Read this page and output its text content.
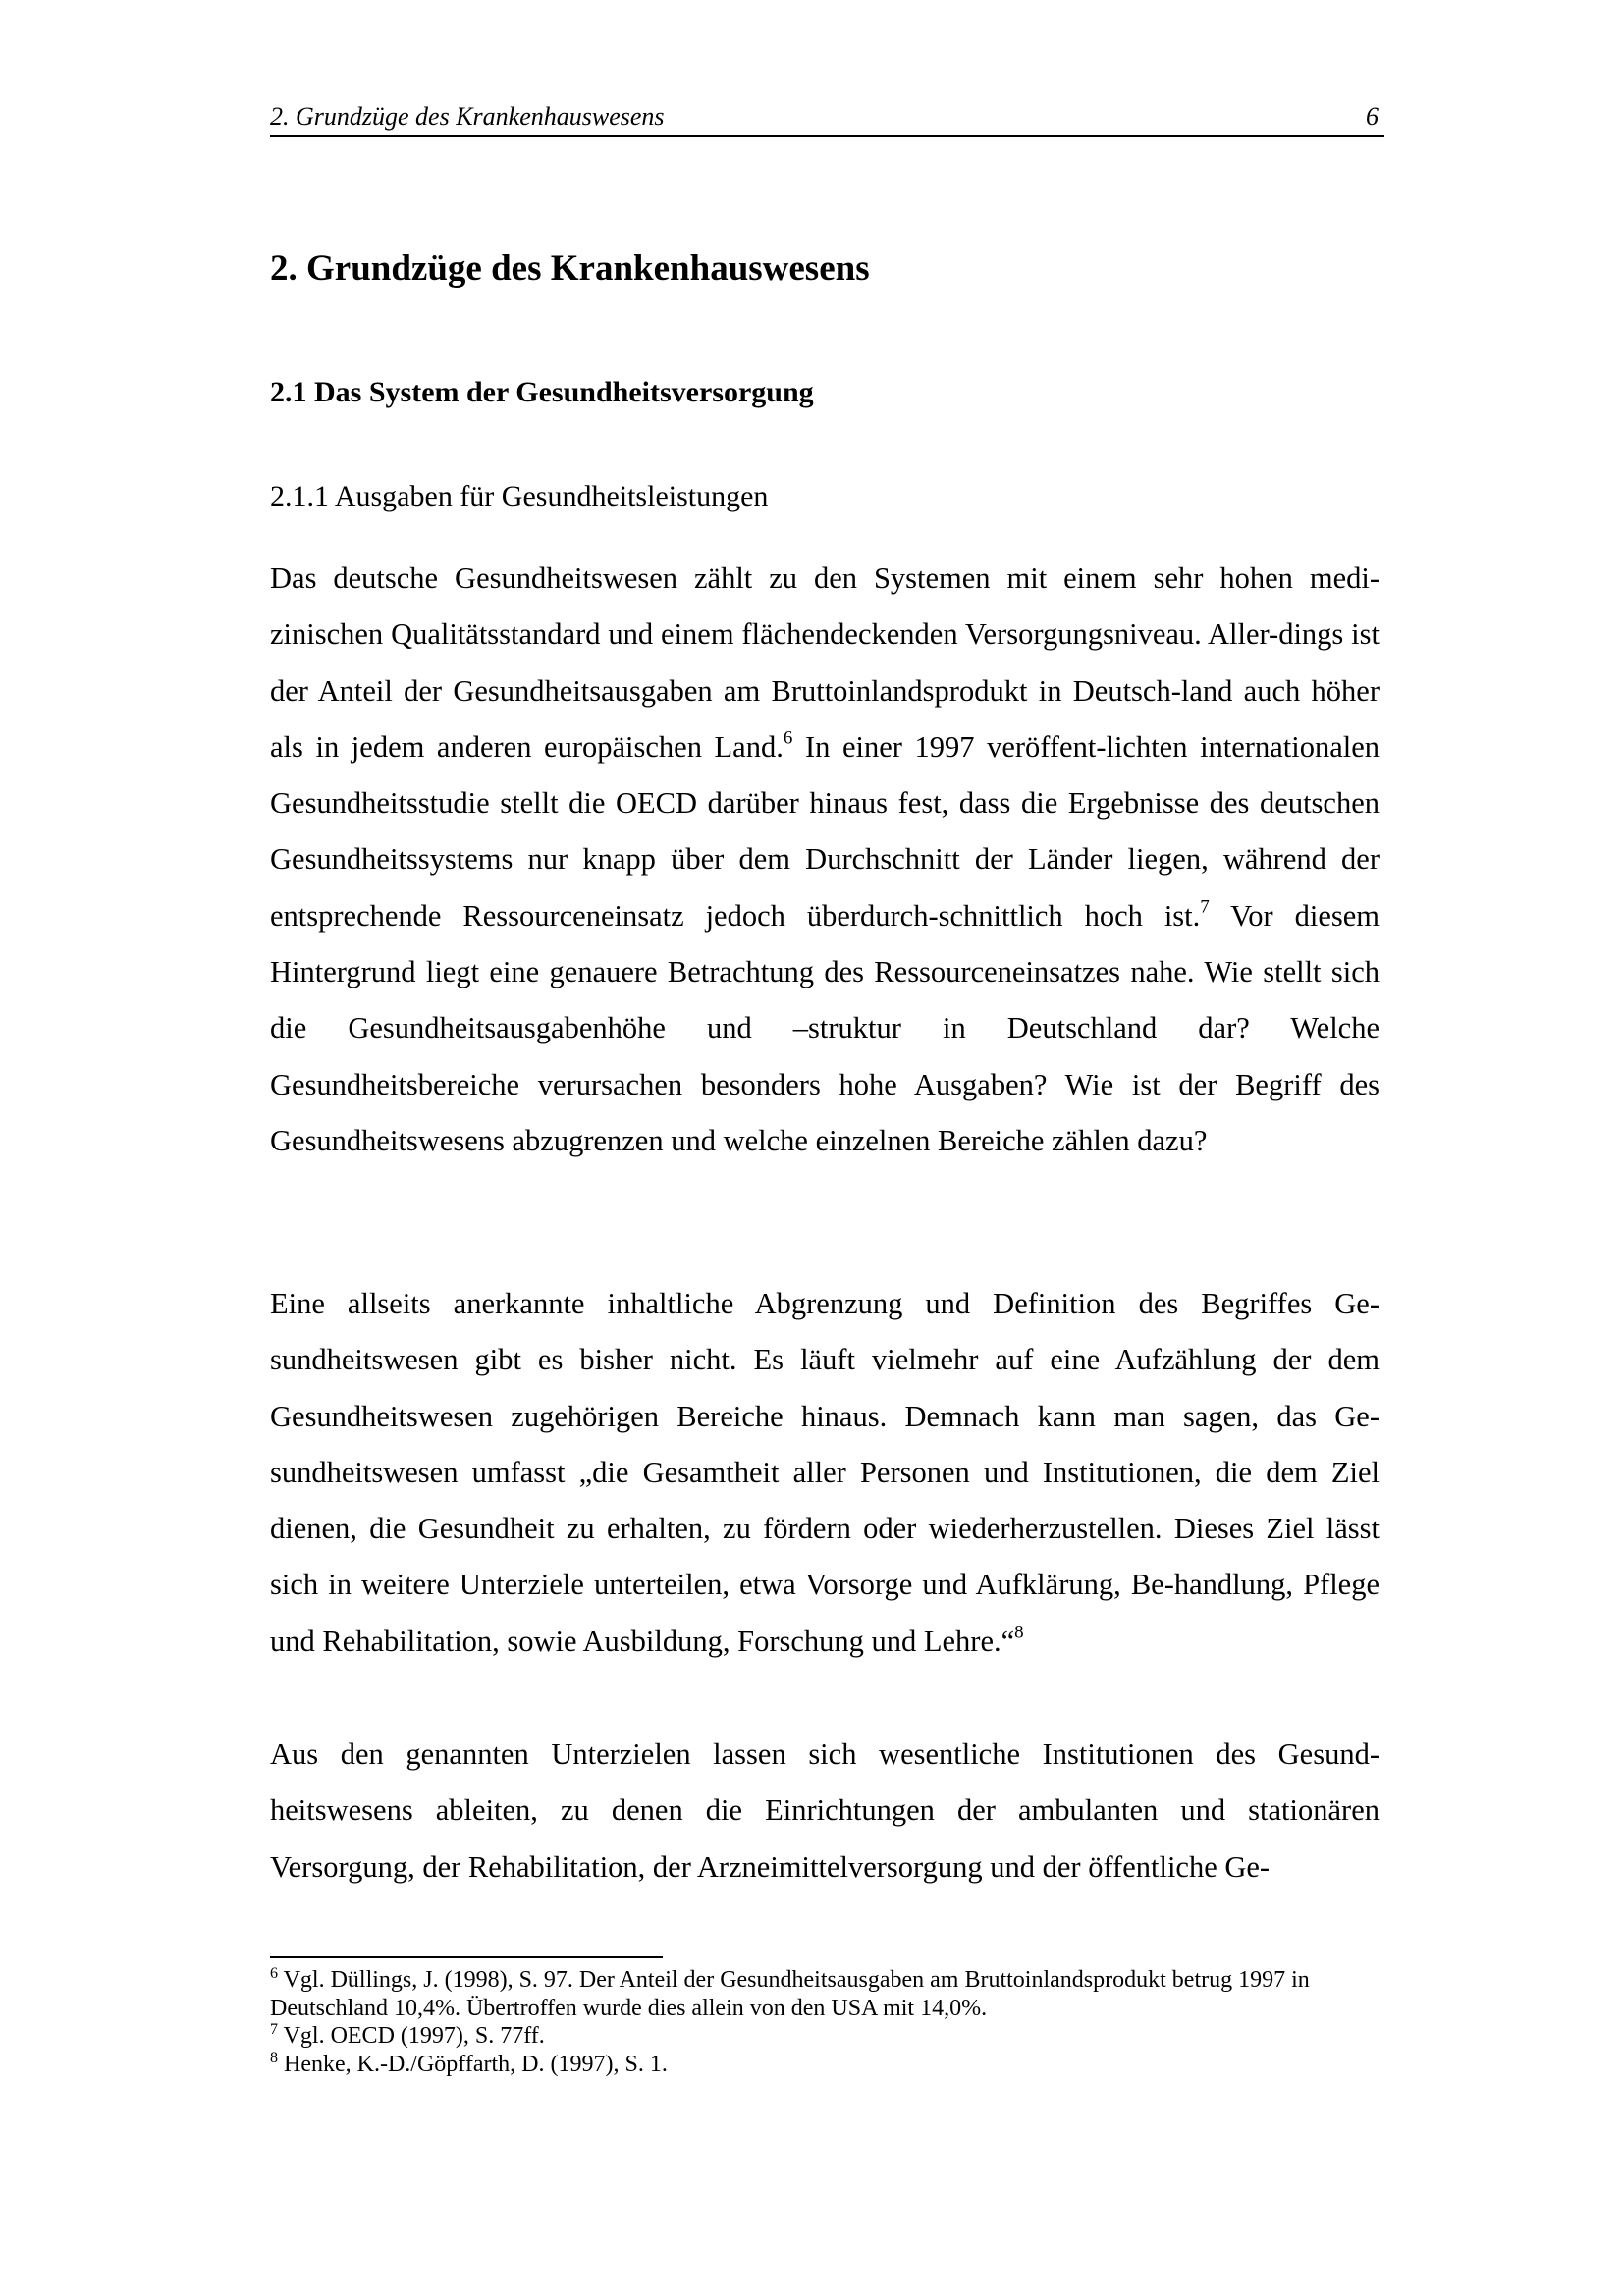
2. Grundzüge des Krankenhauswesens	6
2. Grundzüge des Krankenhauswesens
2.1 Das System der Gesundheitsversorgung
2.1.1 Ausgaben für Gesundheitsleistungen

Das deutsche Gesundheitswesen zählt zu den Systemen mit einem sehr hohen medi-zinischen Qualitätsstandard und einem flächendeckenden Versorgungsniveau. Aller-dings ist der Anteil der Gesundheitsausgaben am Bruttoinlandsprodukt in Deutsch-land auch höher als in jedem anderen europäischen Land.$^6$ In einer 1997 veröffent-lichten internationalen Gesundheitsstudie stellt die OECD darüber hinaus fest, dass die Ergebnisse des deutschen Gesundheitssystems nur knapp über dem Durchschnitt der Länder liegen, während der entsprechende Ressourceneinsatz jedoch überdurch-schnittlich hoch ist.$^7$ Vor diesem Hintergrund liegt eine genauere Betrachtung des Ressourceneinsatzes nahe. Wie stellt sich die Gesundheitsausgabenhöhe und –struktur in Deutschland dar? Welche Gesundheitsbereiche verursachen besonders hohe Ausgaben? Wie ist der Begriff des Gesundheitswesens abzugrenzen und welche einzelnen Bereiche zählen dazu?

Eine allseits anerkannte inhaltliche Abgrenzung und Definition des Begriffes Ge-sundheitswesen gibt es bisher nicht. Es läuft vielmehr auf eine Aufzählung der dem Gesundheitswesen zugehörigen Bereiche hinaus. Demnach kann man sagen, das Ge-sundheitswesen umfasst „die Gesamtheit aller Personen und Institutionen, die dem Ziel dienen, die Gesundheit zu erhalten, zu fördern oder wiederherzustellen. Dieses Ziel lässt sich in weitere Unterziele unterteilen, etwa Vorsorge und Aufklärung, Be-handlung, Pflege und Rehabilitation, sowie Ausbildung, Forschung und Lehre.“$^8$

Aus den genannten Unterzielen lassen sich wesentliche Institutionen des Gesund-heitswesens ableiten, zu denen die Einrichtungen der ambulanten und stationären Versorgung, der Rehabilitation, der Arzneimittelversorgung und der öffentliche Ge-

$^6$ Vgl. Düllings, J. (1998), S. 97. Der Anteil der Gesundheitsausgaben am Bruttoinlandsprodukt betrug 1997 in Deutschland 10,4%. Übertroffen wurde dies allein von den USA mit 14,0%.

$^7$ Vgl. OECD (1997), S. 77ff.

$^8$ Henke, K.-D./Göpffarth, D. (1997), S. 1.
